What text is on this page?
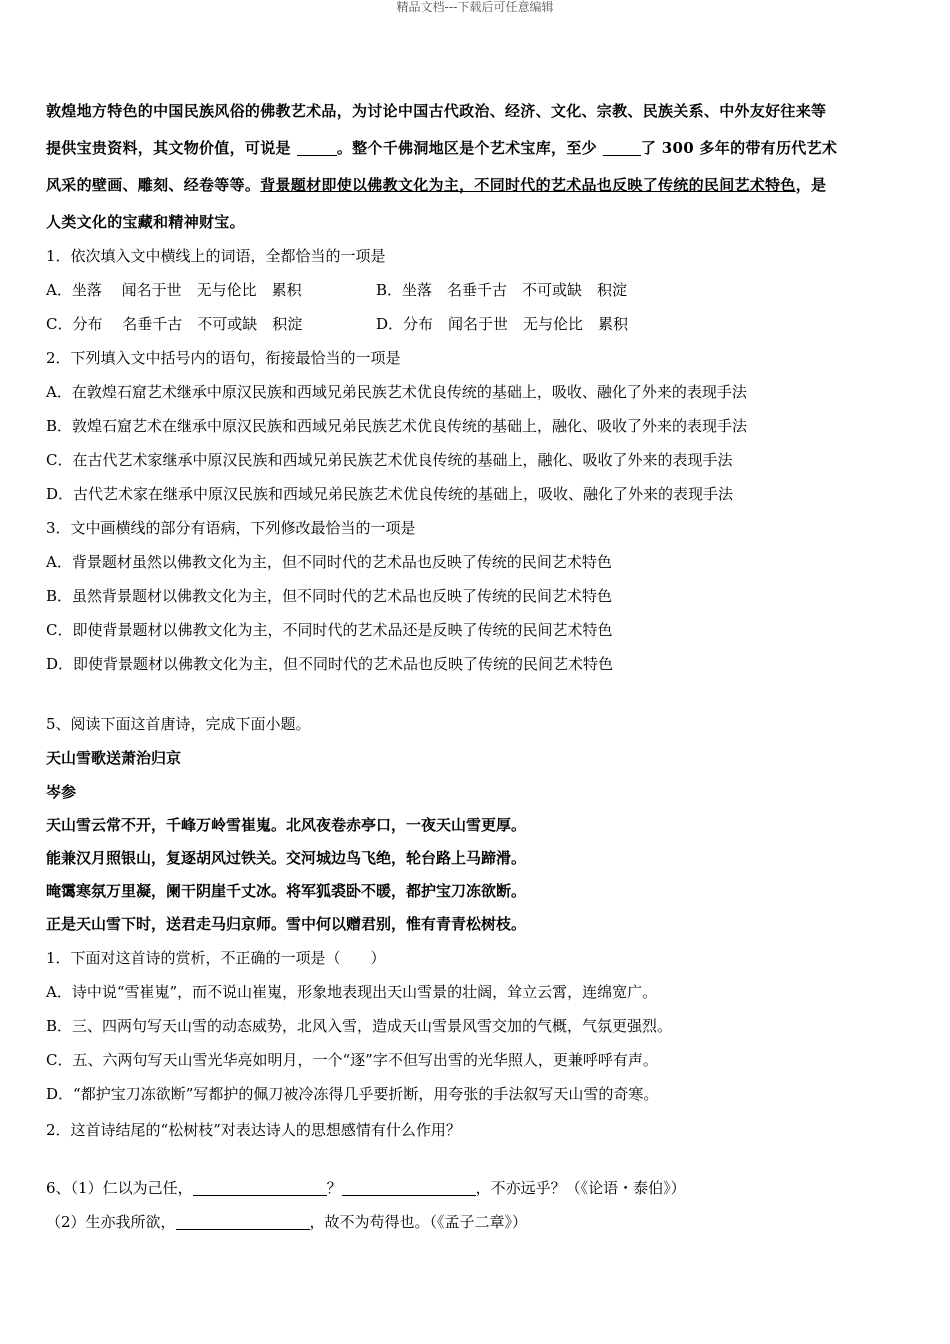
精品文档---下载后可任意编辑
敦煌地方特色的中国民族风俗的佛教艺术品，为讨论中国古代政治、经济、文化、宗教、民族关系、中外友好往来等
提供宝贵资料，其文物价值，可说是	。整个千佛洞地区是个艺术宝库，至少	了 300 多年的带有历代艺术
风采的壁画、雕刻、经卷等等。背景题材即使以佛教文化为主，不同时代的艺术品也反映了传统的民间艺术特色，是
人类文化的宝藏和精神财宝。
1．依次填入文中横线上的词语，全都恰当的一项是
A．坐落　 闻名于世　无与伦比　累积	B．坐落　名垂千古　不可或缺　积淀
C．分布　 名垂千古　不可或缺　积淀	D．分布　闻名于世　无与伦比　累积
2．下列填入文中括号内的语句，衔接最恰当的一项是
A．在敦煌石窟艺术继承中原汉民族和西域兄弟民族艺术优良传统的基础上，吸收、融化了外来的表现手法
B．敦煌石窟艺术在继承中原汉民族和西域兄弟民族艺术优良传统的基础上，融化、吸收了外来的表现手法
C．在古代艺术家继承中原汉民族和西域兄弟民族艺术优良传统的基础上，融化、吸收了外来的表现手法
D．古代艺术家在继承中原汉民族和西域兄弟民族艺术优良传统的基础上，吸收、融化了外来的表现手法
3．文中画横线的部分有语病，下列修改最恰当的一项是
A．背景题材虽然以佛教文化为主，但不同时代的艺术品也反映了传统的民间艺术特色
B．虽然背景题材以佛教文化为主，但不同时代的艺术品也反映了传统的民间艺术特色
C．即使背景题材以佛教文化为主，不同时代的艺术品还是反映了传统的民间艺术特色
D．即使背景题材以佛教文化为主，但不同时代的艺术品也反映了传统的民间艺术特色
5、阅读下面这首唐诗，完成下面小题。
天山雪歌送萧治归京
岑参
天山雪云常不开，千峰万岭雪崔嵬。北风夜卷赤亭口，一夜天山雪更厚。
能兼汉月照银山，复逐胡风过铁关。交河城边鸟飞绝，轮台路上马蹄滑。
晻霭寒氛万里凝，阑干阴崖千丈冰。将军狐裘卧不暖，都护宝刀冻欲断。
正是天山雪下时，送君走马归京师。雪中何以赠君别，惟有青青松树枝。
1．下面对这首诗的赏析，不正确的一项是（　　）
A．诗中说“雪崔嵬”，而不说山崔嵬，形象地表现出天山雪景的壮阔，耸立云霄，连绵宽广。
B．三、四两句写天山雪的动态威势，北风入雪，造成天山雪景风雪交加的气概，气氛更强烈。
C．五、六两句写天山雪光华亮如明月，一个“逐”字不但写出雪的光华照人，更兼呼呼有声。
D．“都护宝刀冻欲断”写都护的佩刀被冷冻得几乎要折断，用夸张的手法叙写天山雪的奇寒。
2．这首诗结尾的“松树枝”对表达诗人的思想感情有什么作用？
6、（1）仁以为己任，	？	，不亦远乎？（《论语・泰伯》）
（2）生亦我所欲，	，故不为苟得也。（《孟子二章》）
